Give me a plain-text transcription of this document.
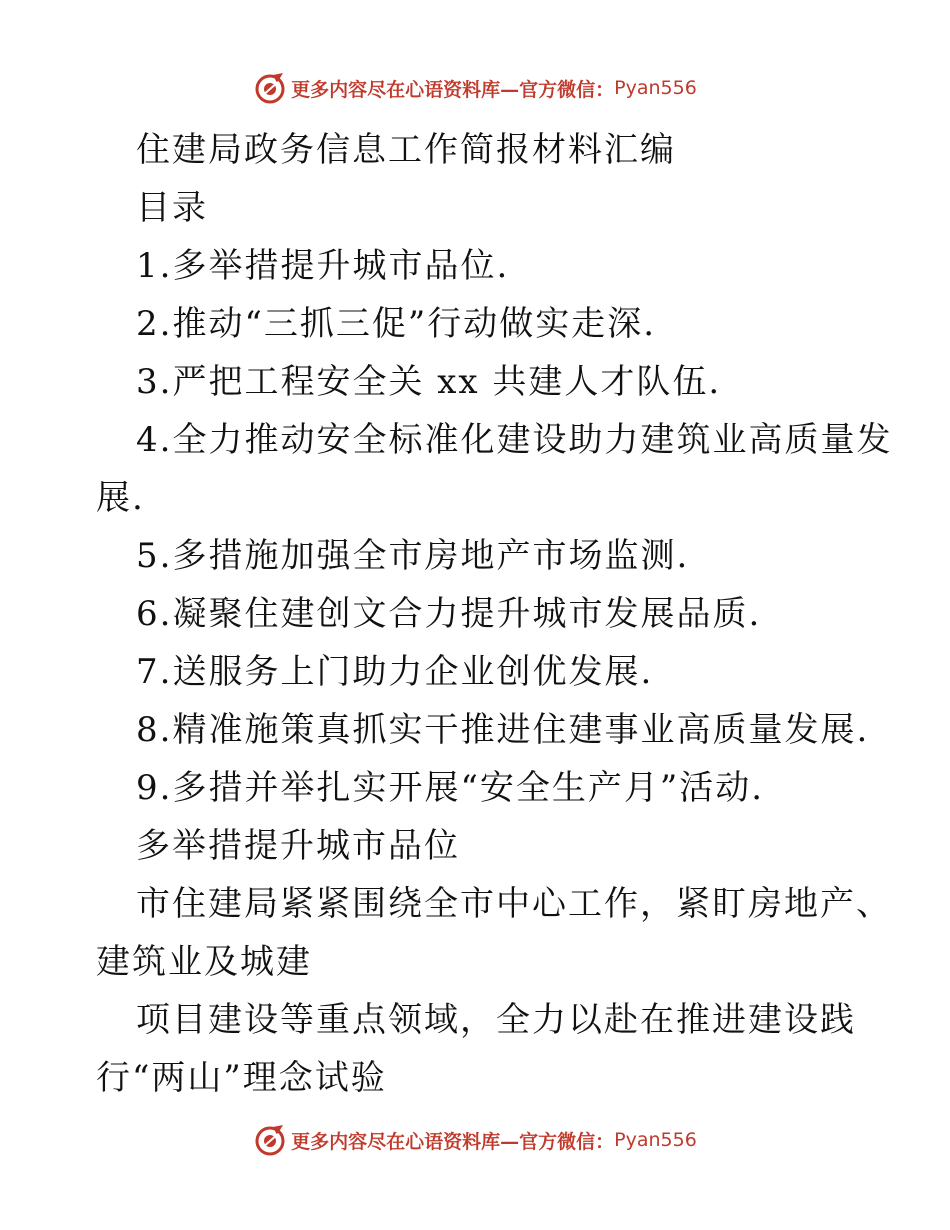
更多内容尽在心语资料库—官方微信： Pyan556

住建局政务信息工作简报材料汇编

目录

1.多举措提升城市品位.

2.推动“三抓三促”行动做实走深.

3.严把工程安全关 xx 共建人才队伍.

4.全力推动安全标准化建设助力建筑业高质量发

展.

5.多措施加强全市房地产市场监测.

6.凝聚住建创文合力提升城市发展品质.

7.送服务上门助力企业创优发展.

8.精准施策真抓实干推进住建事业高质量发展.

9.多措并举扎实开展“安全生产月”活动.

多举措提升城市品位

市住建局紧紧围绕全市中心工作，紧盯房地产、

建筑业及城建

项目建设等重点领域，全力以赴在推进建设践

行“两山”理念试验

更多内容尽在心语资料库—官方微信： Pyan556
